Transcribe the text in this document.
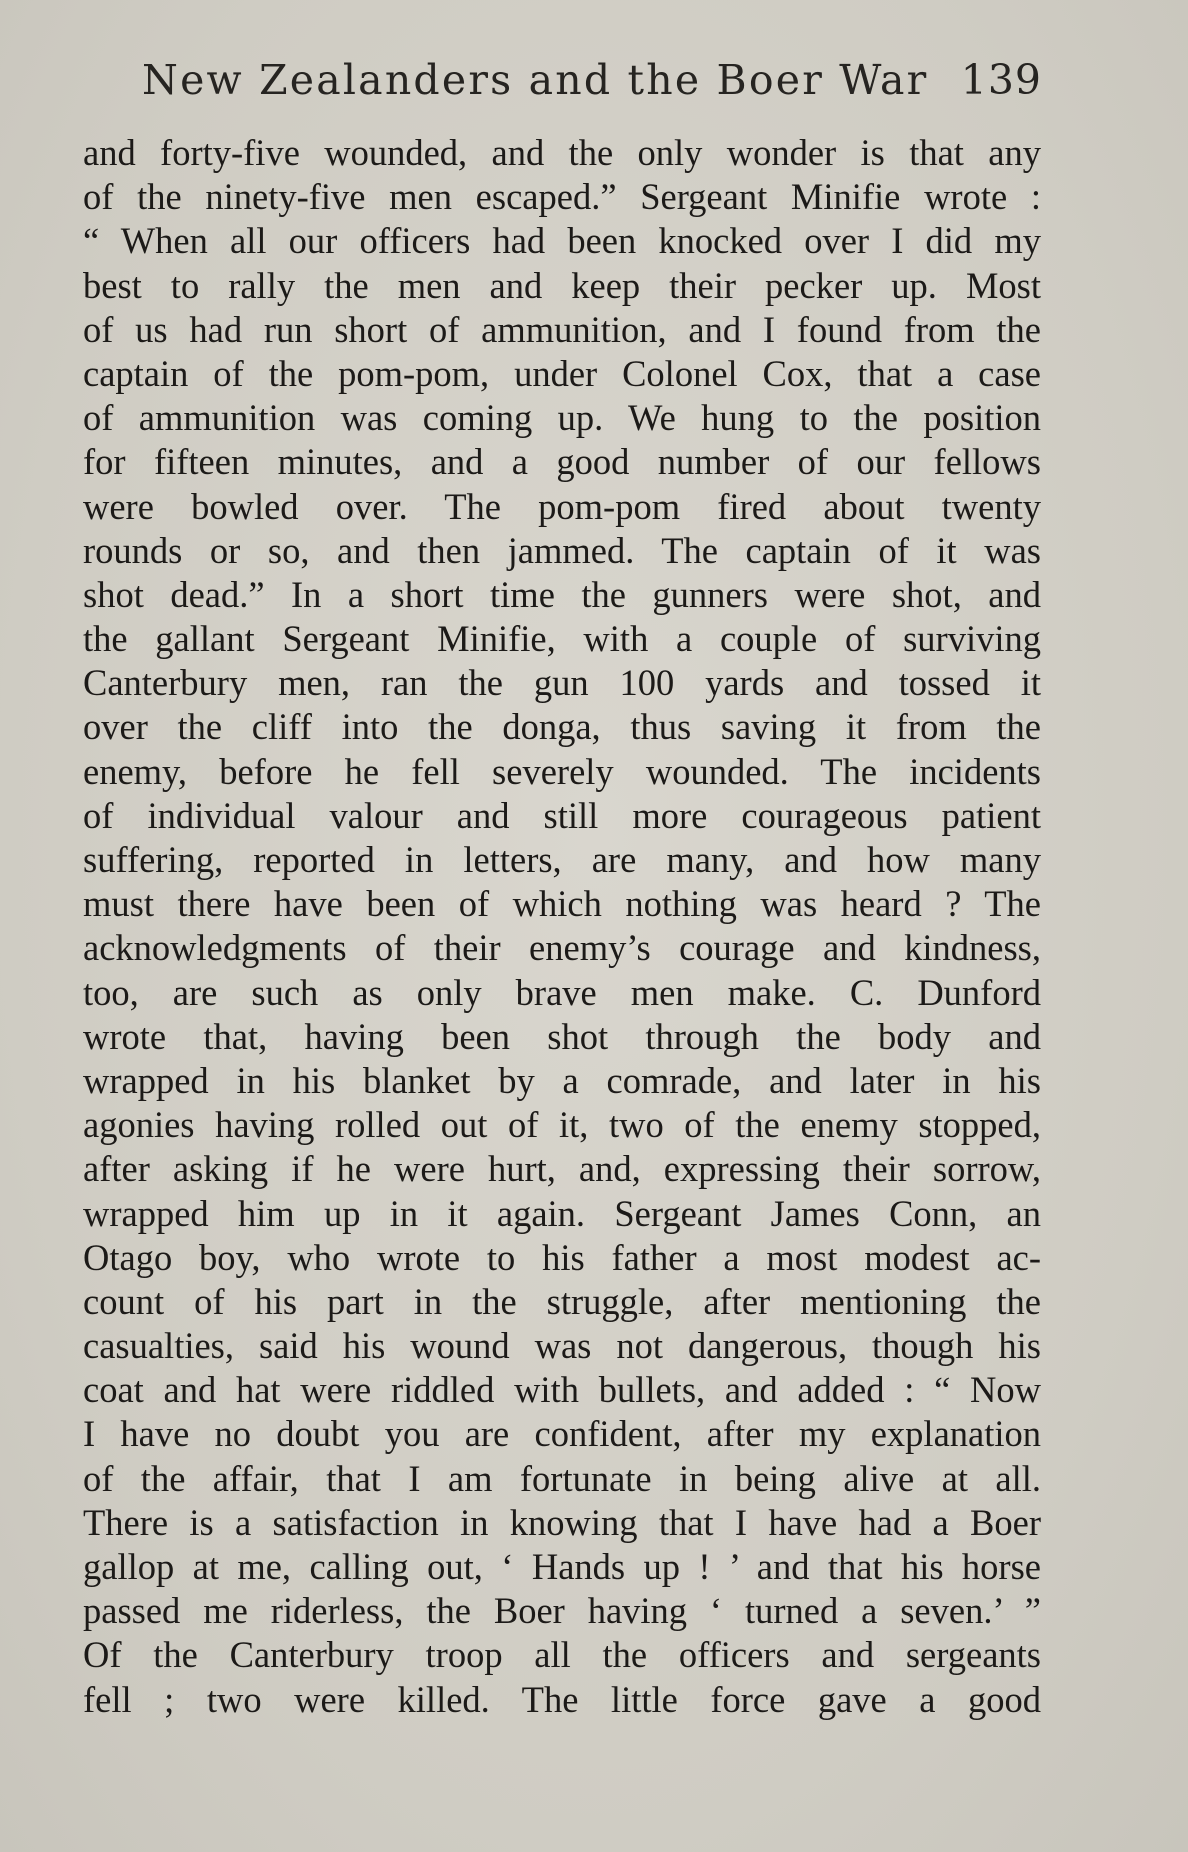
New Zealanders and the Boer War 139
and forty-five wounded, and the only wonder is that any
of the ninety-five men escaped.” Sergeant Minifie wrote :
“ When all our officers had been knocked over I did my
best to rally the men and keep their pecker up. Most
of us had run short of ammunition, and I found from the
captain of the pom-pom, under Colonel Cox, that a case
of ammunition was coming up. We hung to the position
for fifteen minutes, and a good number of our fellows
were bowled over. The pom-pom fired about twenty
rounds or so, and then jammed. The captain of it was
shot dead.” In a short time the gunners were shot, and
the gallant Sergeant Minifie, with a couple of surviving
Canterbury men, ran the gun 100 yards and tossed it
over the cliff into the donga, thus saving it from the
enemy, before he fell severely wounded. The incidents
of individual valour and still more courageous patient
suffering, reported in letters, are many, and how many
must there have been of which nothing was heard ? The
acknowledgments of their enemy’s courage and kindness,
too, are such as only brave men make. C. Dunford
wrote that, having been shot through the body and
wrapped in his blanket by a comrade, and later in his
agonies having rolled out of it, two of the enemy stopped,
after asking if he were hurt, and, expressing their sorrow,
wrapped him up in it again. Sergeant James Conn, an
Otago boy, who wrote to his father a most modest ac-
count of his part in the struggle, after mentioning the
casualties, said his wound was not dangerous, though his
coat and hat were riddled with bullets, and added : “ Now
I have no doubt you are confident, after my explanation
of the affair, that I am fortunate in being alive at all.
There is a satisfaction in knowing that I have had a Boer
gallop at me, calling out, ‘ Hands up ! ’ and that his horse
passed me riderless, the Boer having ‘ turned a seven.’ ”
Of the Canterbury troop all the officers and sergeants
fell ; two were killed. The little force gave a good
